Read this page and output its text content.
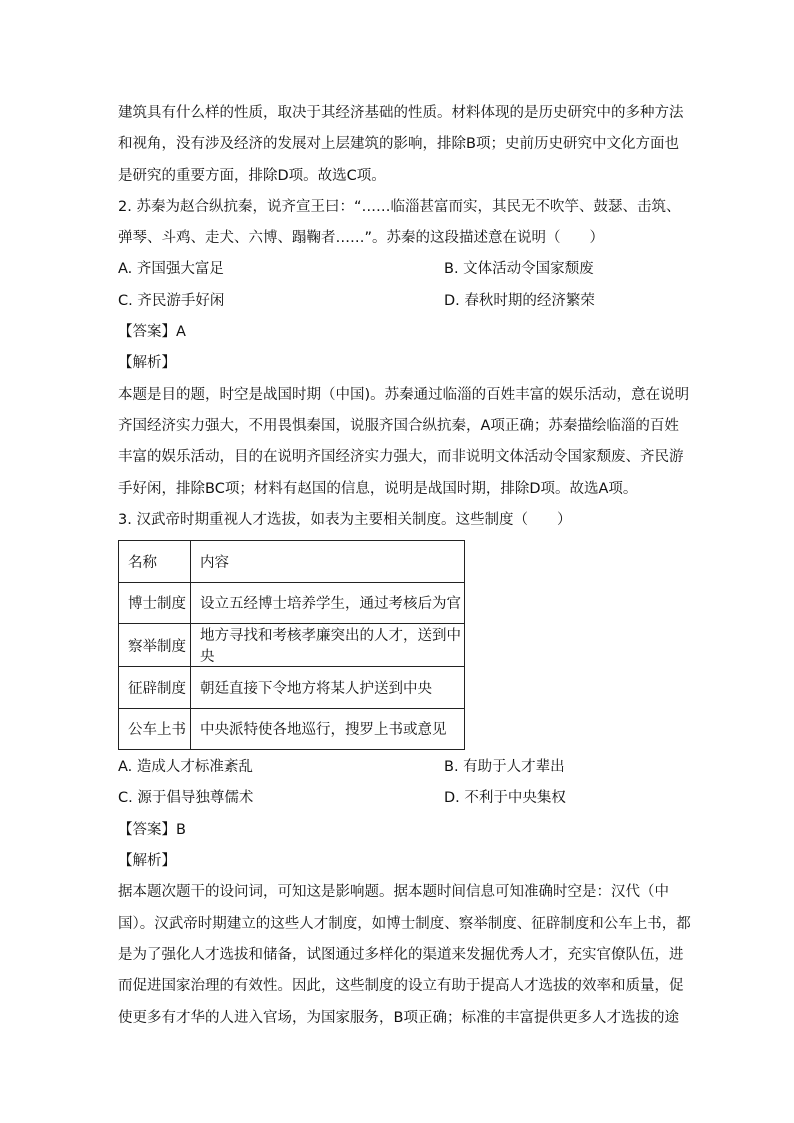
建筑具有什么样的性质，取决于其经济基础的性质。材料体现的是历史研究中的多种方法
和视角，没有涉及经济的发展对上层建筑的影响，排除B项；史前历史研究中文化方面也
是研究的重要方面，排除D项。故选C项。
2. 苏秦为赵合纵抗秦，说齐宣王曰：“……临淄甚富而实，其民无不吹竽、鼓瑟、击筑、
弹琴、斗鸡、走犬、六博、蹋鞠者……”。苏秦的这段描述意在说明（　　）
A. 齐国强大富足	B. 文体活动令国家颓废
C. 齐民游手好闲	D. 春秋时期的经济繁荣
【答案】A
【解析】
本题是目的题，时空是战国时期（中国)。苏秦通过临淄的百姓丰富的娱乐活动，意在说明
齐国经济实力强大，不用畏惧秦国，说服齐国合纵抗秦，A项正确；苏秦描绘临淄的百姓
丰富的娱乐活动，目的在说明齐国经济实力强大，而非说明文体活动令国家颓废、齐民游
手好闲，排除BC项；材料有赵国的信息，说明是战国时期，排除D项。故选A项。
3. 汉武帝时期重视人才选拔，如表为主要相关制度。这些制度（　　）
名称	内容
博士制度	设立五经博士培养学生，通过考核后为官
察举制度	地方寻找和考核孝廉突出的人才，送到中央
征辟制度	朝廷直接下令地方将某人护送到中央
公车上书	中央派特使各地巡行，搜罗上书或意见
A. 造成人才标准紊乱	B. 有助于人才辈出
C. 源于倡导独尊儒术	D. 不利于中央集权
【答案】B
【解析】
据本题次题干的设问词，可知这是影响题。据本题时间信息可知准确时空是：汉代（中
国）。汉武帝时期建立的这些人才制度，如博士制度、察举制度、征辟制度和公车上书，都
是为了强化人才选拔和储备，试图通过多样化的渠道来发掘优秀人才，充实官僚队伍，进
而促进国家治理的有效性。因此，这些制度的设立有助于提高人才选拔的效率和质量，促
使更多有才华的人进入官场，为国家服务，B项正确；标准的丰富提供更多人才选拔的途
